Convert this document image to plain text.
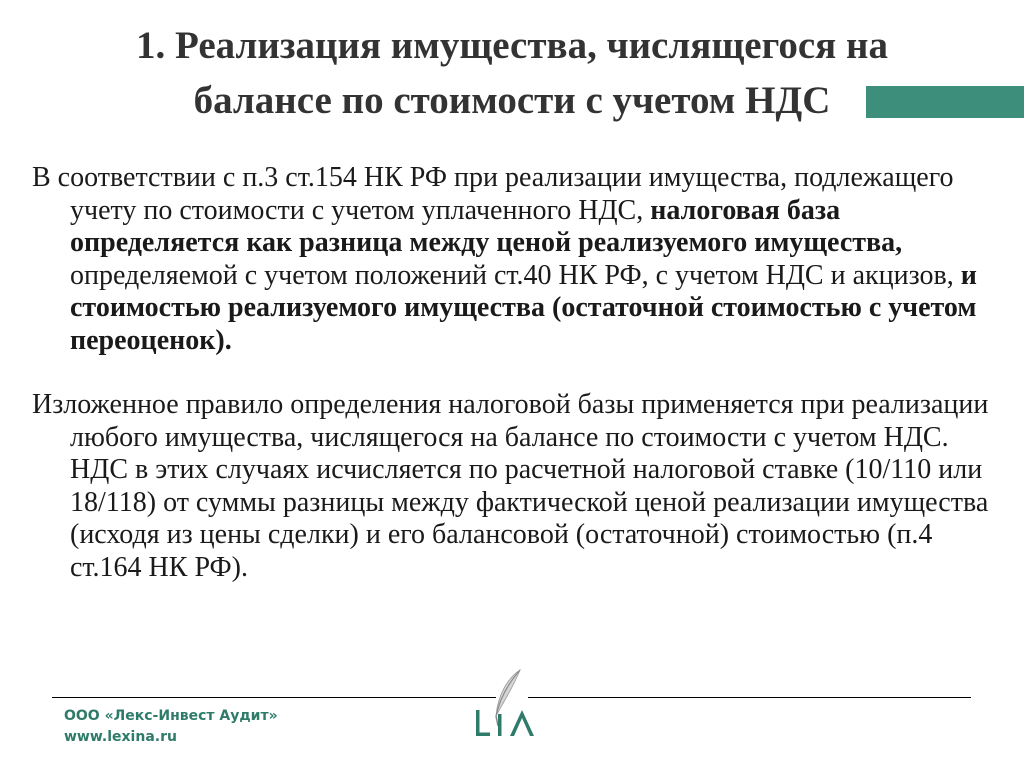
1. Реализация имущества, числящегося на
балансе по стоимости с учетом НДС

В соответствии с п.3 ст.154 НК РФ при реализации имущества, подлежащего учету по стоимости с учетом уплаченного НДС, налоговая база определяется как разница между ценой реализуемого имущества, определяемой с учетом положений ст.40 НК РФ, с учетом НДС и акцизов, и стоимостью реализуемого имущества (остаточной стоимостью с учетом переоценок).

Изложенное правило определения налоговой базы применяется при реализации любого имущества, числящегося на балансе по стоимости с учетом НДС. НДС в этих случаях исчисляется по расчетной налоговой ставке (10/110 или 18/118) от суммы разницы между фактической ценой реализации имущества (исходя из цены сделки) и его балансовой (остаточной) стоимостью (п.4 ст.164 НК РФ).

ООО «Лекс-Инвест Аудит»
www.lexina.ru
